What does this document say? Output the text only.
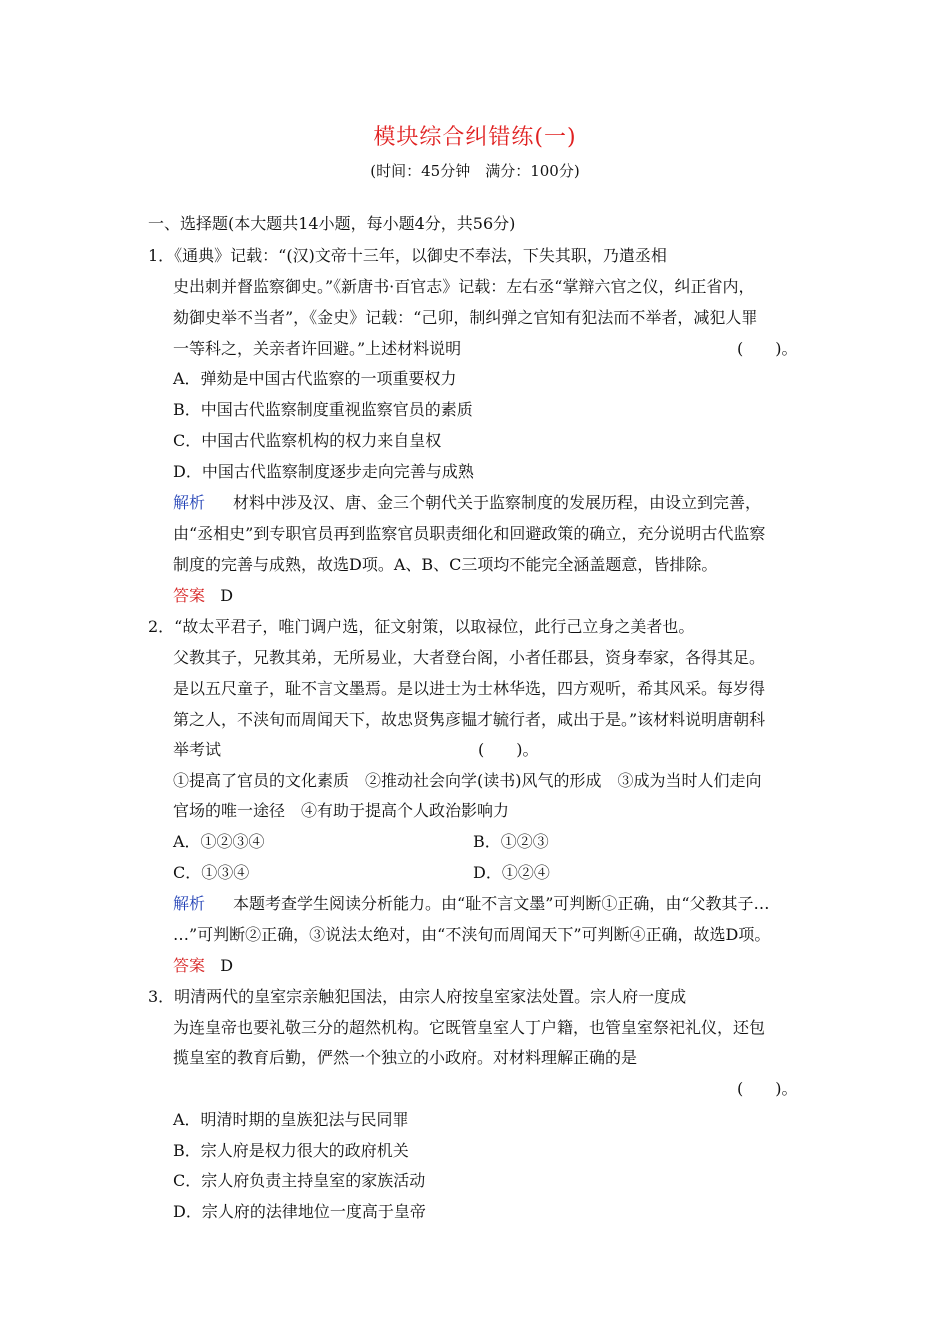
模块综合纠错练(一)
(时间：45分钟　满分：100分)
一、选择题(本大题共14小题，每小题4分，共56分)
1．《通典》记载：“(汉)文帝十三年，以御史不奉法，下失其职，乃遣丞相
史出刺并督监察御史。”《新唐书·百官志》记载：左右丞“掌辩六官之仪，纠正省内，
劾御史举不当者”，《金史》记载：“己卯，制纠弹之官知有犯法而不举者，减犯人罪
一等科之，关亲者许回避。”上述材料说明	(　　)。
A．弹劾是中国古代监察的一项重要权力
B．中国古代监察制度重视监察官员的素质
C．中国古代监察机构的权力来自皇权
D．中国古代监察制度逐步走向完善与成熟
解析 材料中涉及汉、唐、金三个朝代关于监察制度的发展历程，由设立到完善，
由“丞相史”到专职官员再到监察官员职责细化和回避政策的确立，充分说明古代监察
制度的完善与成熟，故选D项。A、B、C三项均不能完全涵盖题意，皆排除。
答案 D
2．“故太平君子，唯门调户选，征文射策，以取禄位，此行己立身之美者也。
父教其子，兄教其弟，无所易业，大者登台阁，小者任郡县，资身奉家，各得其足。
是以五尺童子，耻不言文墨焉。是以进士为士林华选，四方观听，希其风采。每岁得
第之人，不浃旬而周闻天下，故忠贤隽彦韫才毓行者，咸出于是。”该材料说明唐朝科
举考试	(　　)。
①提高了官员的文化素质　②推动社会向学(读书)风气的形成　③成为当时人们走向
官场的唯一途径　④有助于提高个人政治影响力
A．①②③④	B．①②③
C．①③④	D．①②④
解析 本题考查学生阅读分析能力。由“耻不言文墨”可判断①正确，由“父教其子…
…”可判断②正确，③说法太绝对，由“不浃旬而周闻天下”可判断④正确，故选D项。
答案 D
3．明清两代的皇室宗亲触犯国法，由宗人府按皇室家法处置。宗人府一度成
为连皇帝也要礼敬三分的超然机构。它既管皇室人丁户籍，也管皇室祭祀礼仪，还包
揽皇室的教育后勤，俨然一个独立的小政府。对材料理解正确的是
(　　)。
A．明清时期的皇族犯法与民同罪
B．宗人府是权力很大的政府机关
C．宗人府负责主持皇室的家族活动
D．宗人府的法律地位一度高于皇帝
